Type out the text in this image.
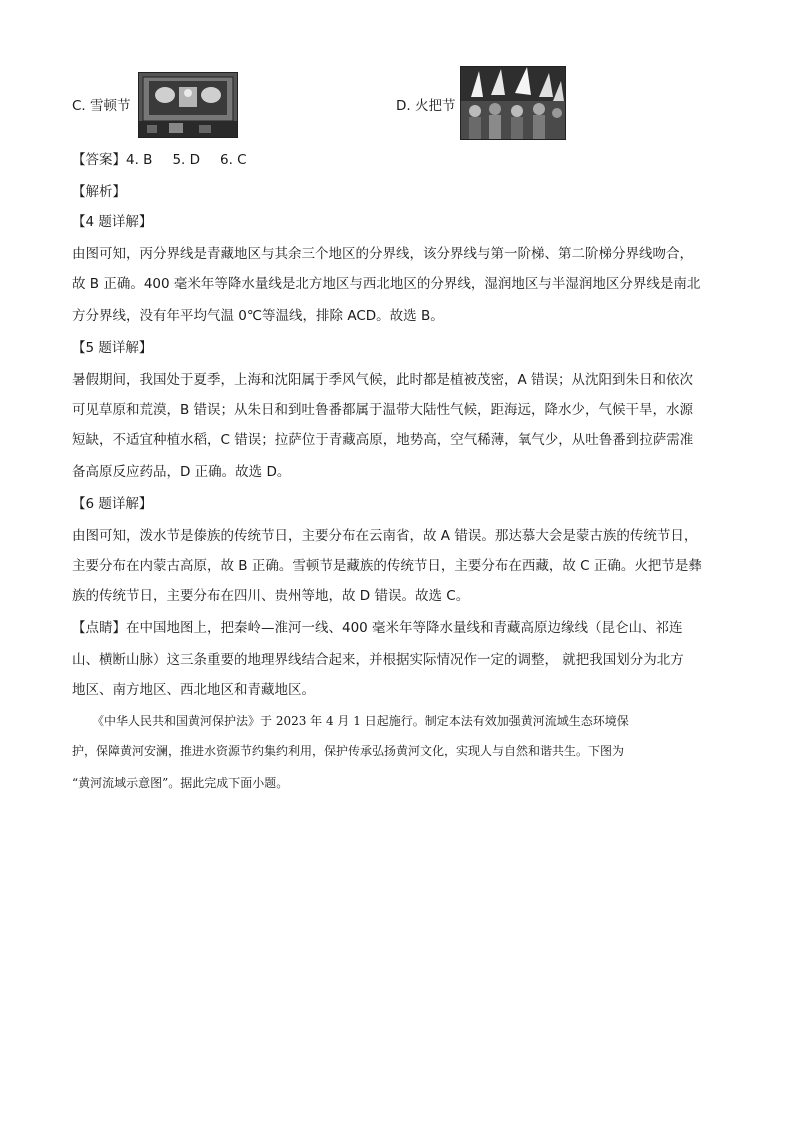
C. 雪顿节	D. 火把节
【答案】4. B 5. D 6. C
【解析】
【4 题详解】
由图可知，丙分界线是青藏地区与其余三个地区的分界线，该分界线与第一阶梯、第二阶梯分界线吻合，
故 B 正确。400 毫米年等降水量线是北方地区与西北地区的分界线，湿润地区与半湿润地区分界线是南北
方分界线，没有年平均气温 0℃等温线，排除 ACD。故选 B。
【5 题详解】
暑假期间，我国处于夏季，上海和沈阳属于季风气候，此时都是植被茂密，A 错误；从沈阳到朱日和依次
可见草原和荒漠，B 错误；从朱日和到吐鲁番都属于温带大陆性气候，距海远，降水少，气候干旱，水源
短缺，不适宜种植水稻，C 错误；拉萨位于青藏高原，地势高，空气稀薄，氧气少，从吐鲁番到拉萨需准
备高原反应药品，D 正确。故选 D。
【6 题详解】
由图可知，泼水节是傣族的传统节日，主要分布在云南省，故 A 错误。那达慕大会是蒙古族的传统节日，
主要分布在内蒙古高原，故 B 正确。雪顿节是藏族的传统节日，主要分布在西藏，故 C 正确。火把节是彝
族的传统节日，主要分布在四川、贵州等地，故 D 错误。故选 C。
【点睛】在中国地图上，把秦岭—淮河一线、400 毫米年等降水量线和青藏高原边缘线（昆仑山、祁连
山、横断山脉）这三条重要的地理界线结合起来，并根据实际情况作一定的调整， 就把我国划分为北方
地区、南方地区、西北地区和青藏地区。
《中华人民共和国黄河保护法》于 2023 年 4 月 1 日起施行。制定本法有效加强黄河流域生态环境保
护，保障黄河安澜，推进水资源节约集约利用，保护传承弘扬黄河文化，实现人与自然和谐共生。下图为
“黄河流域示意图”。据此完成下面小题。
